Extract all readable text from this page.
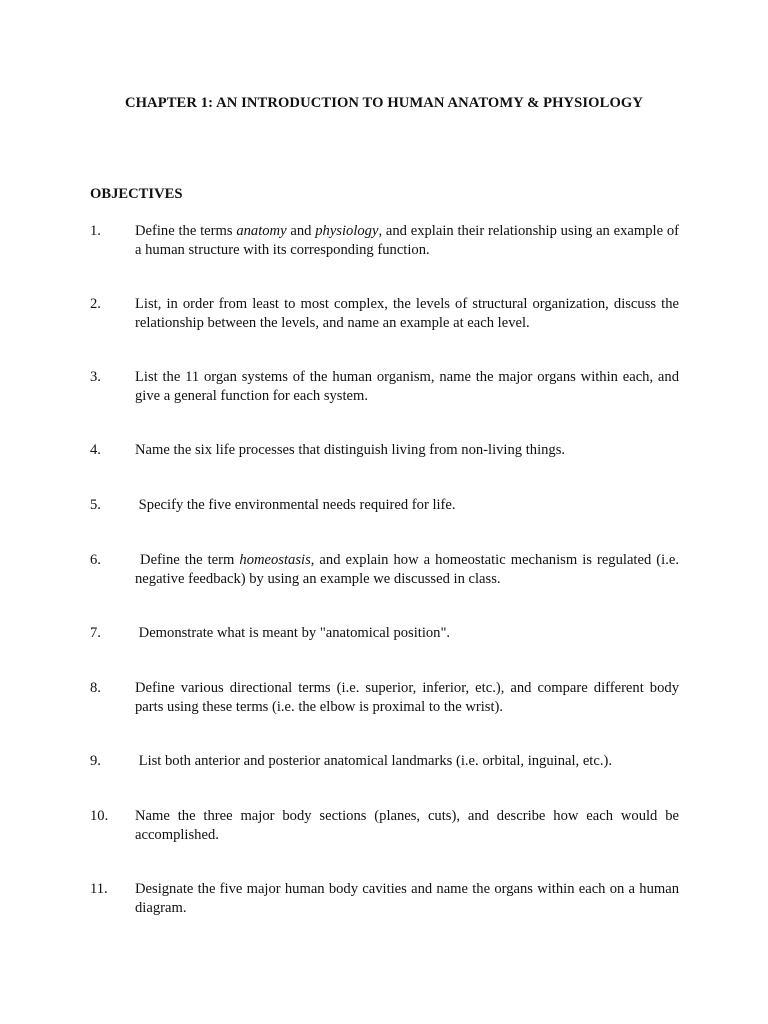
CHAPTER 1: AN INTRODUCTION TO HUMAN ANATOMY & PHYSIOLOGY
OBJECTIVES
1.	Define the terms anatomy and physiology, and explain their relationship using an example of a human structure with its corresponding function.
2.	List, in order from least to most complex, the levels of structural organization, discuss the relationship between the levels, and name an example at each level.
3.	List the 11 organ systems of the human organism, name the major organs within each, and give a general function for each system.
4.	Name the six life processes that distinguish living from non-living things.
5.	Specify the five environmental needs required for life.
6.	Define the term homeostasis, and explain how a homeostatic mechanism is regulated (i.e. negative feedback) by using an example we discussed in class.
7.	Demonstrate what is meant by "anatomical position".
8.	Define various directional terms (i.e. superior, inferior, etc.), and compare different body parts using these terms (i.e. the elbow is proximal to the wrist).
9.	List both anterior and posterior anatomical landmarks (i.e. orbital, inguinal, etc.).
10.	Name the three major body sections (planes, cuts), and describe how each would be accomplished.
11.	Designate the five major human body cavities and name the organs within each on a human diagram.
